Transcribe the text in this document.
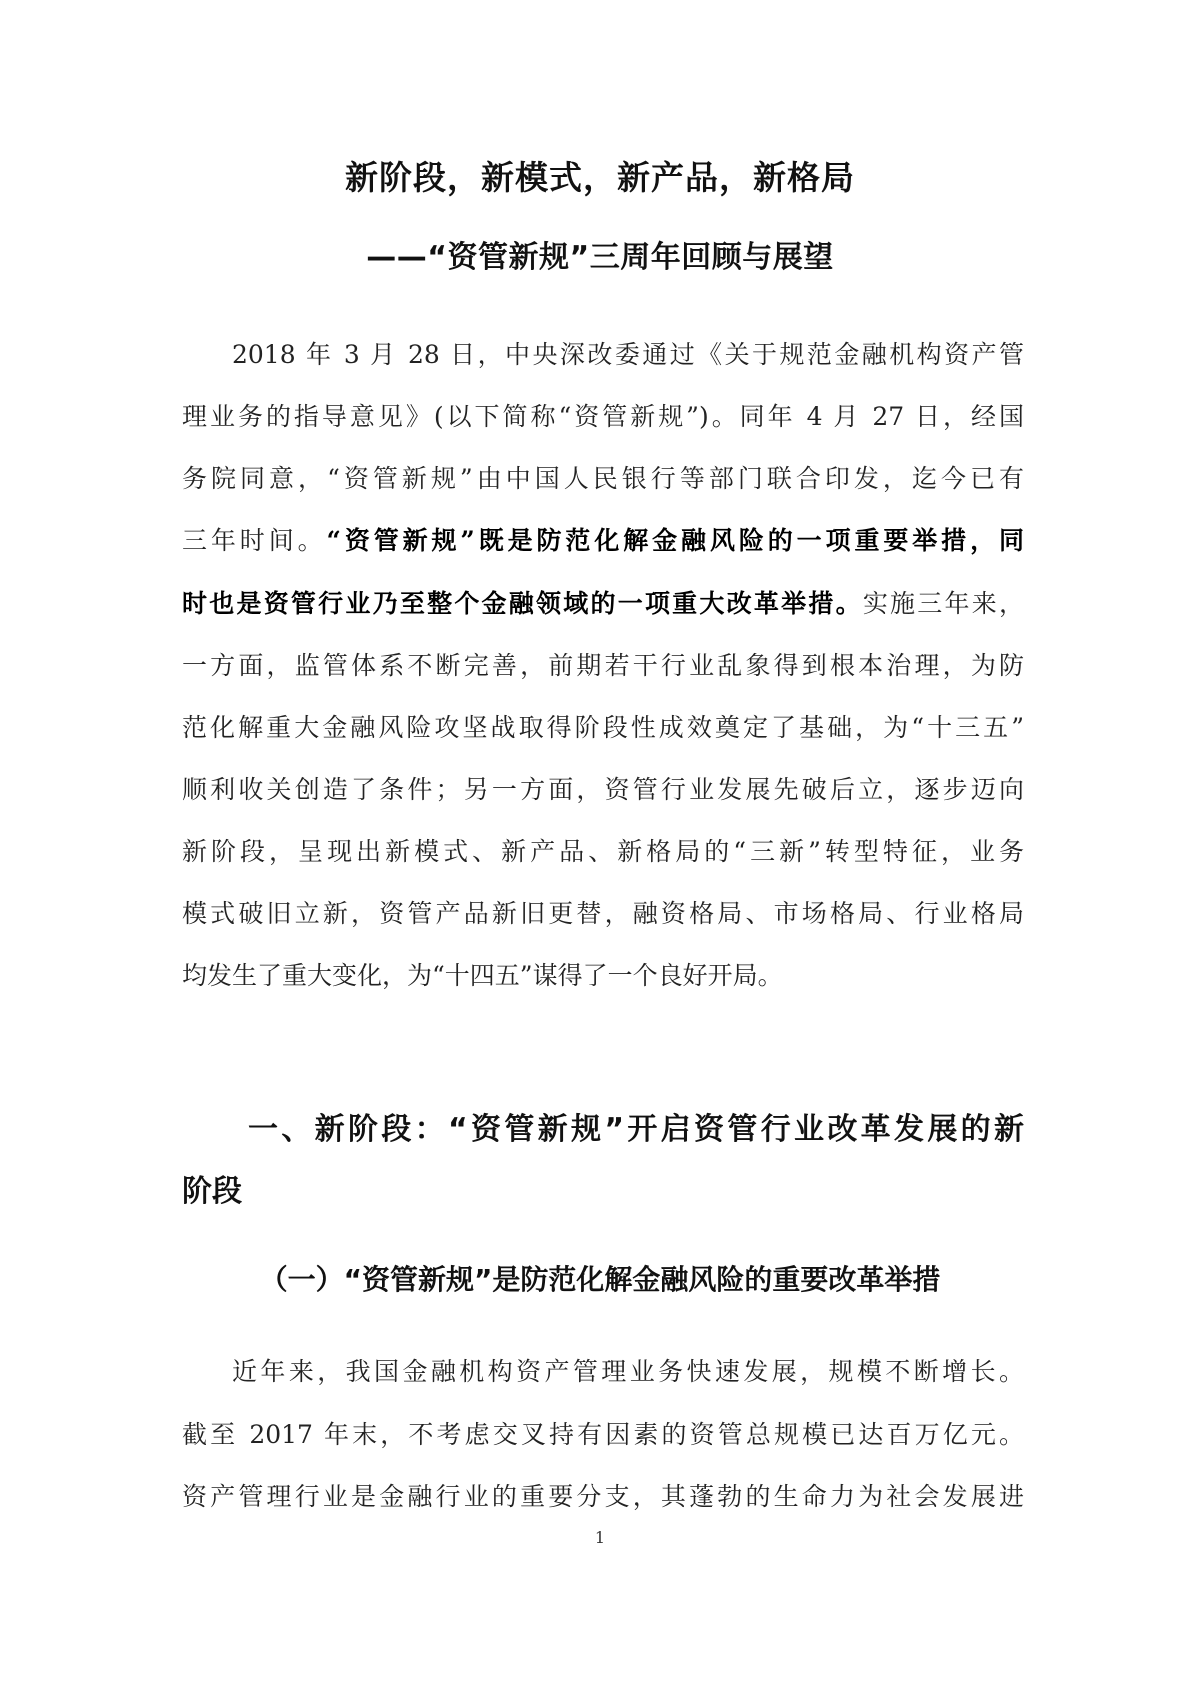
新阶段，新模式，新产品，新格局
——“资管新规”三周年回顾与展望
2018 年 3 月 28 日，中央深改委通过《关于规范金融机构资产管
理业务的指导意见》(以下简称“资管新规”)。同年 4 月 27 日，经国
务院同意，“资管新规”由中国人民银行等部门联合印发，迄今已有
三年时间。“资管新规”既是防范化解金融风险的一项重要举措，同
时也是资管行业乃至整个金融领域的一项重大改革举措。实施三年来，
一方面，监管体系不断完善，前期若干行业乱象得到根本治理，为防
范化解重大金融风险攻坚战取得阶段性成效奠定了基础，为“十三五”
顺利收关创造了条件；另一方面，资管行业发展先破后立，逐步迈向
新阶段，呈现出新模式、新产品、新格局的“三新”转型特征，业务
模式破旧立新，资管产品新旧更替，融资格局、市场格局、行业格局
均发生了重大变化，为“十四五”谋得了一个良好开局。
一、新阶段：“资管新规”开启资管行业改革发展的新
阶段
（一）“资管新规”是防范化解金融风险的重要改革举措
近年来，我国金融机构资产管理业务快速发展，规模不断增长。
截至 2017 年末，不考虑交叉持有因素的资管总规模已达百万亿元。
资产管理行业是金融行业的重要分支，其蓬勃的生命力为社会发展进
1
